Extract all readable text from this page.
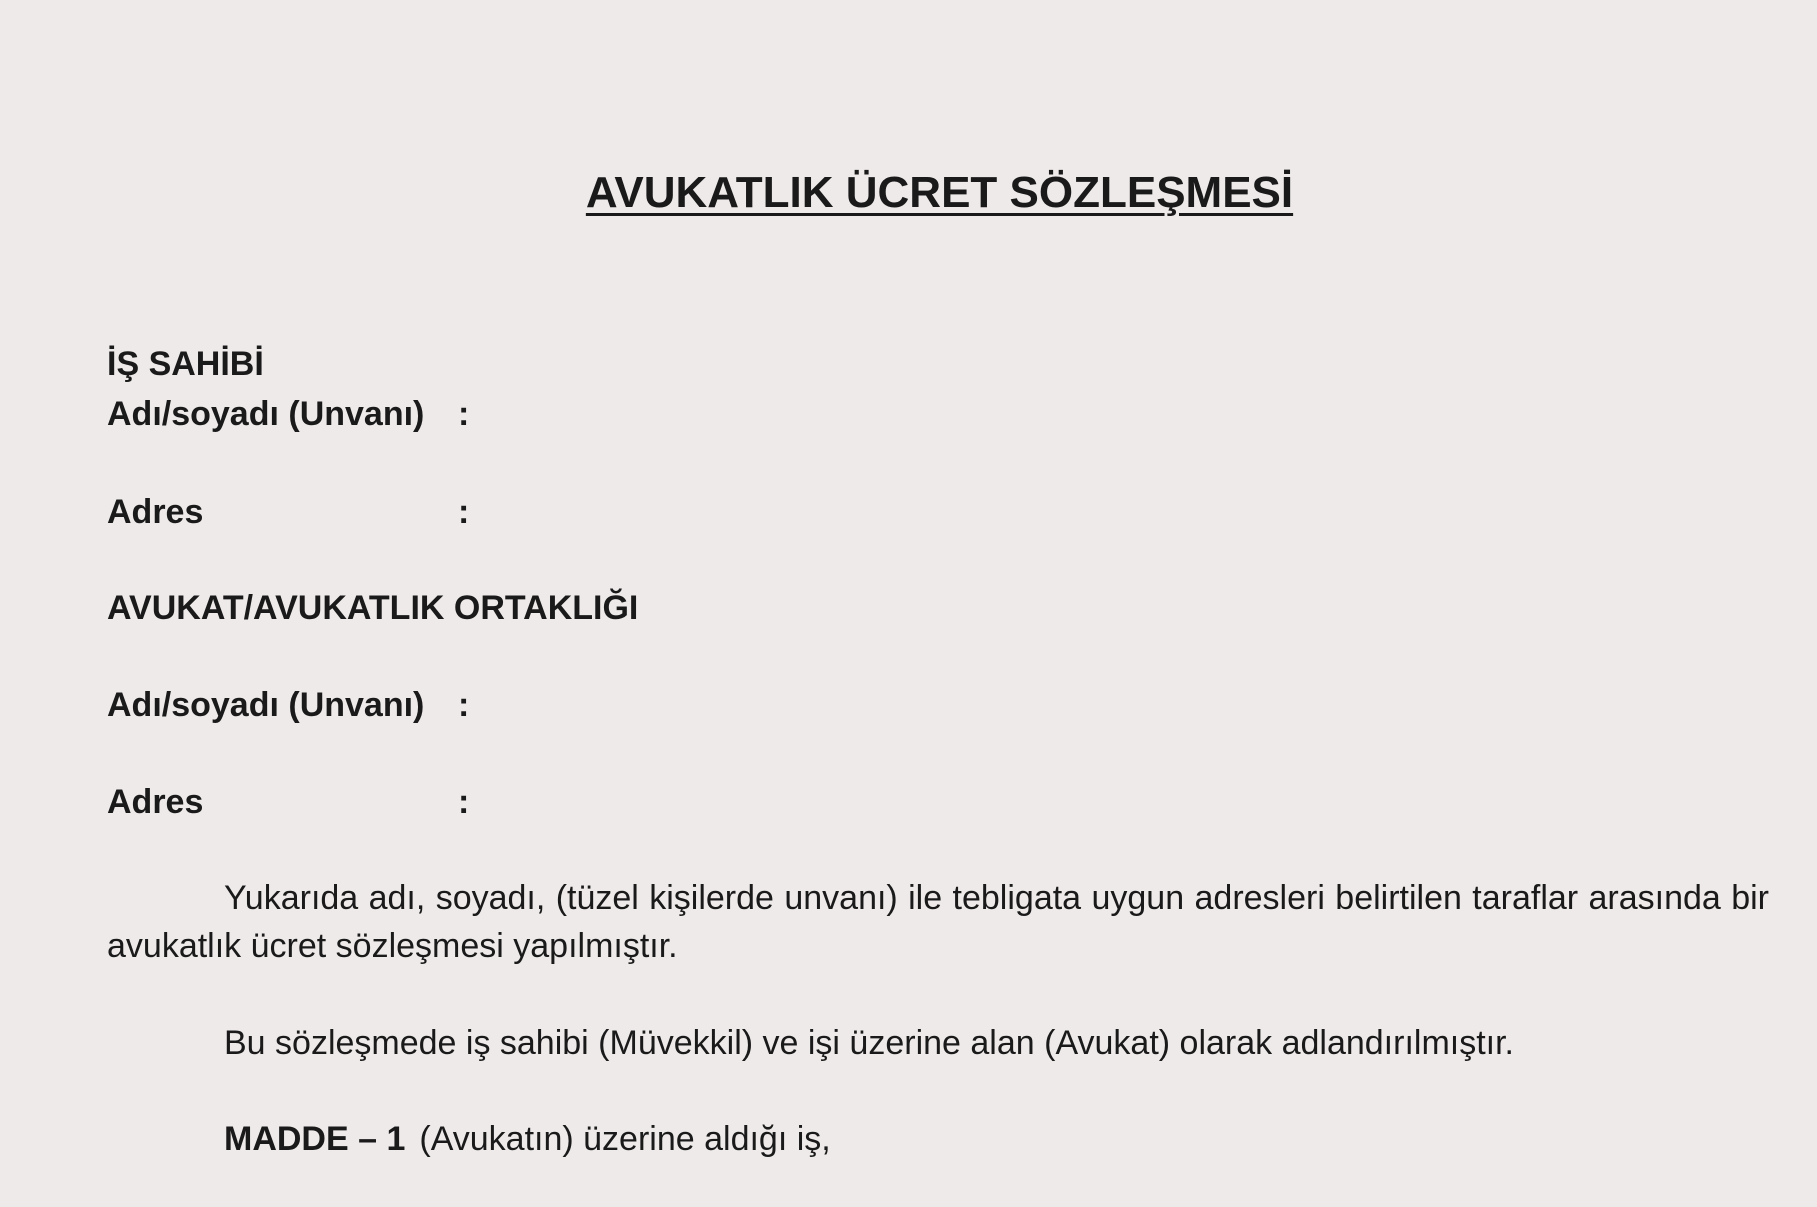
AVUKATLIK ÜCRET SÖZLEŞMESİ
İŞ SAHİBİ
Adı/soyadı (Unvanı) :
Adres	:
AVUKAT/AVUKATLIK ORTAKLIĞI
Adı/soyadı (Unvanı) :
Adres	:
Yukarıda adı, soyadı, (tüzel kişilerde unvanı) ile tebligata uygun adresleri belirtilen taraflar arasında bir avukatlık ücret sözleşmesi yapılmıştır.
Bu sözleşmede iş sahibi (Müvekkil) ve işi üzerine alan (Avukat) olarak adlandırılmıştır.
MADDE – 1 (Avukatın) üzerine aldığı iş,
